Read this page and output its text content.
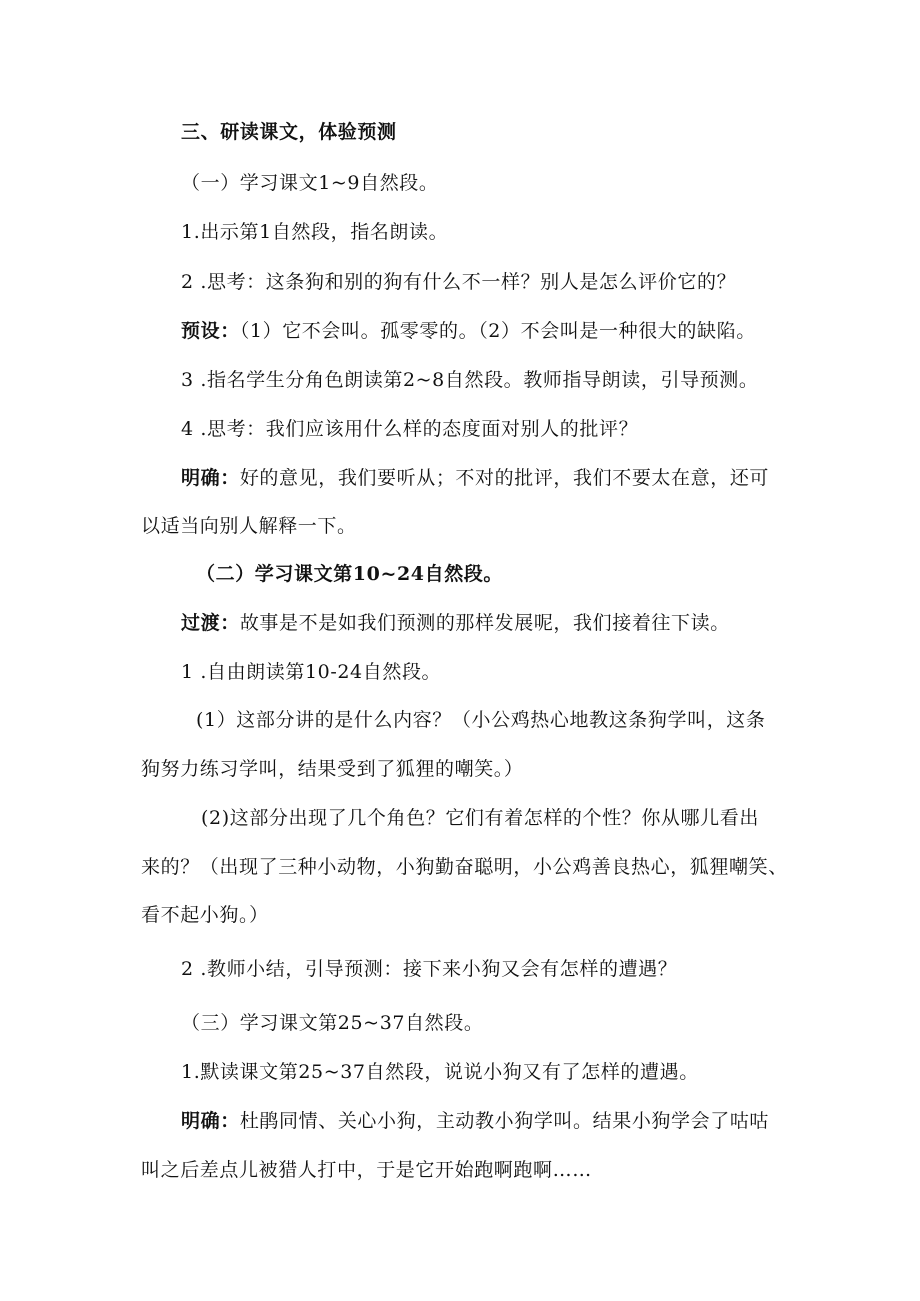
三、研读课文，体验预测
（一）学习课文1~9自然段。
1.出示第1自然段，指名朗读。
2 .思考：这条狗和别的狗有什么不一样？别人是怎么评价它的？
预设：（1）它不会叫。孤零零的。（2）不会叫是一种很大的缺陷。
3 .指名学生分角色朗读第2~8自然段。教师指导朗读，引导预测。
4 .思考：我们应该用什么样的态度面对别人的批评？
明确：好的意见，我们要听从；不对的批评，我们不要太在意，还可
以适当向别人解释一下。
（二）学习课文第10~24自然段。
过渡：故事是不是如我们预测的那样发展呢，我们接着往下读。
1 .自由朗读第10-24自然段。
(1）这部分讲的是什么内容？（小公鸡热心地教这条狗学叫，这条
狗努力练习学叫，结果受到了狐狸的嘲笑。）
(2)这部分出现了几个角色？它们有着怎样的个性？你从哪儿看出
来的？（出现了三种小动物，小狗勤奋聪明，小公鸡善良热心，狐狸嘲笑、
看不起小狗。）
2 .教师小结，引导预测：接下来小狗又会有怎样的遭遇？
（三）学习课文第25~37自然段。
1.默读课文第25~37自然段，说说小狗又有了怎样的遭遇。
明确：杜鹃同情、关心小狗，主动教小狗学叫。结果小狗学会了咕咕
叫之后差点儿被猎人打中，于是它开始跑啊跑啊……
